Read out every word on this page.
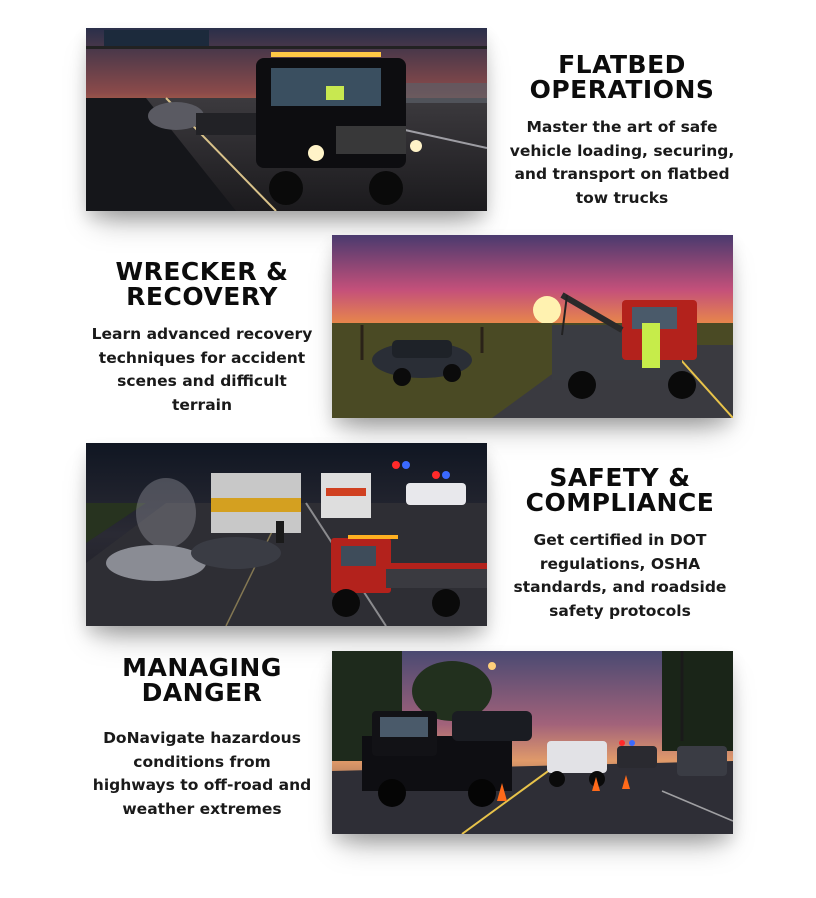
FLATBED
OPERATIONS

Master the art of safe
vehicle loading, securing,
and transport on flatbed
tow trucks

WRECKER &
RECOVERY

Learn advanced recovery
techniques for accident
scenes and difficult
terrain

SAFETY &
COMPLIANCE

Get certified in DOT
regulations, OSHA
standards, and roadside
safety protocols

MANAGING
DANGER

DoNavigate hazardous
conditions from
highways to off-road and
weather extremes
